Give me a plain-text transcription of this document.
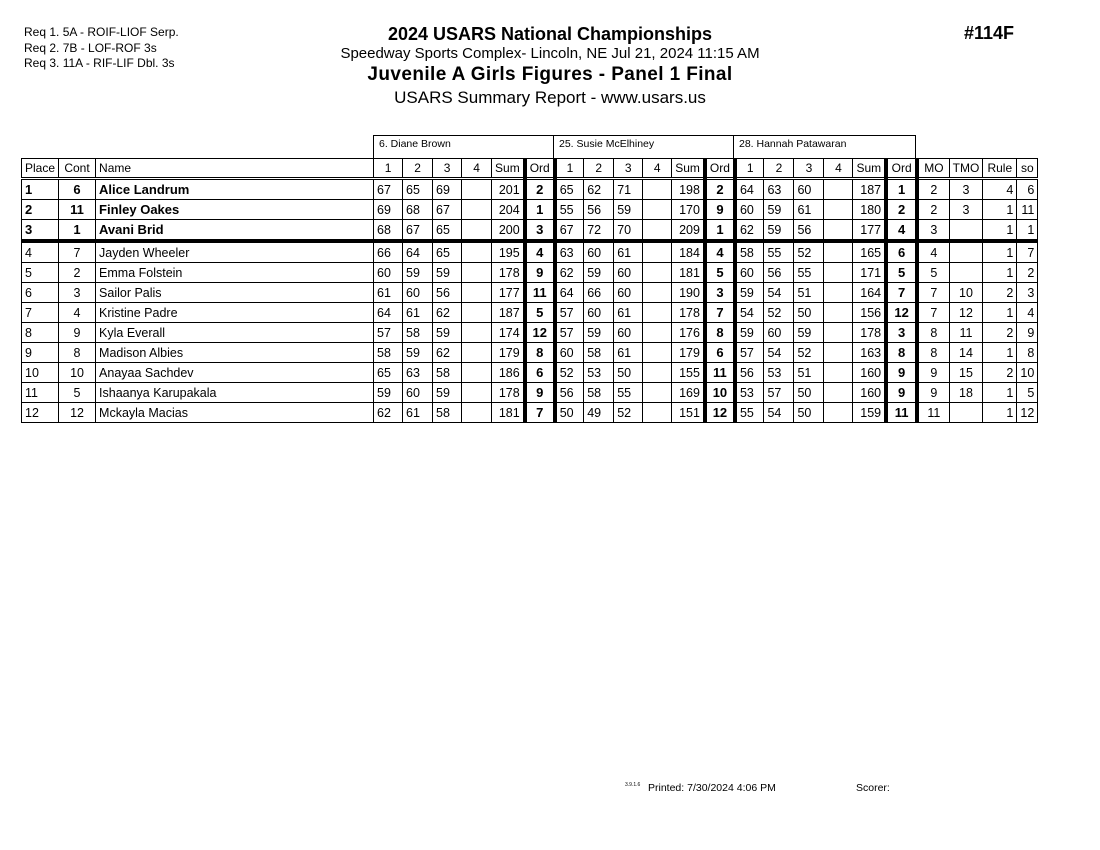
Req 1. 5A - ROIF-LIOF Serp.
Req 2. 7B - LOF-ROF 3s
Req 3. 11A - RIF-LIF Dbl. 3s
2024 USARS National Championships
Speedway Sports Complex- Lincoln, NE Jul 21, 2024 11:15 AM
Juvenile A Girls Figures - Panel 1 Final
USARS Summary Report - www.usars.us
#114F
6. Diane Brown	25. Susie McElhiney	28. Hannah Patawaran
Place	Cont	Name	1	2	3	4	Sum	Ord	1	2	3	4	Sum	Ord	1	2	3	4	Sum	Ord	MO	TMO	Rule	so
1	6	Alice Landrum	67	65	69		201	2	65	62	71		198	2	64	63	60		187	1	2	3	4	6
2	11	Finley Oakes	69	68	67		204	1	55	56	59		170	9	60	59	61		180	2	2	3	1	11
3	1	Avani Brid	68	67	65		200	3	67	72	70		209	1	62	59	56		177	4	3		1	1
4	7	Jayden Wheeler	66	64	65		195	4	63	60	61		184	4	58	55	52		165	6	4		1	7
5	2	Emma Folstein	60	59	59		178	9	62	59	60		181	5	60	56	55		171	5	5		1	2
6	3	Sailor Palis	61	60	56		177	11	64	66	60		190	3	59	54	51		164	7	7	10	2	3
7	4	Kristine Padre	64	61	62		187	5	57	60	61		178	7	54	52	50		156	12	7	12	1	4
8	9	Kyla Everall	57	58	59		174	12	57	59	60		176	8	59	60	59		178	3	8	11	2	9
9	8	Madison Albies	58	59	62		179	8	60	58	61		179	6	57	54	52		163	8	8	14	1	8
10	10	Anayaa Sachdev	65	63	58		186	6	52	53	50		155	11	56	53	51		160	9	9	15	2	10
11	5	Ishaanya Karupakala	59	60	59		178	9	56	58	55		169	10	53	57	50		160	9	9	18	1	5
12	12	Mckayla Macias	62	61	58		181	7	50	49	52		151	12	55	54	50		159	11	11		1	12
3.9.1.6 Printed: 7/30/2024 4:06 PM	Scorer:
